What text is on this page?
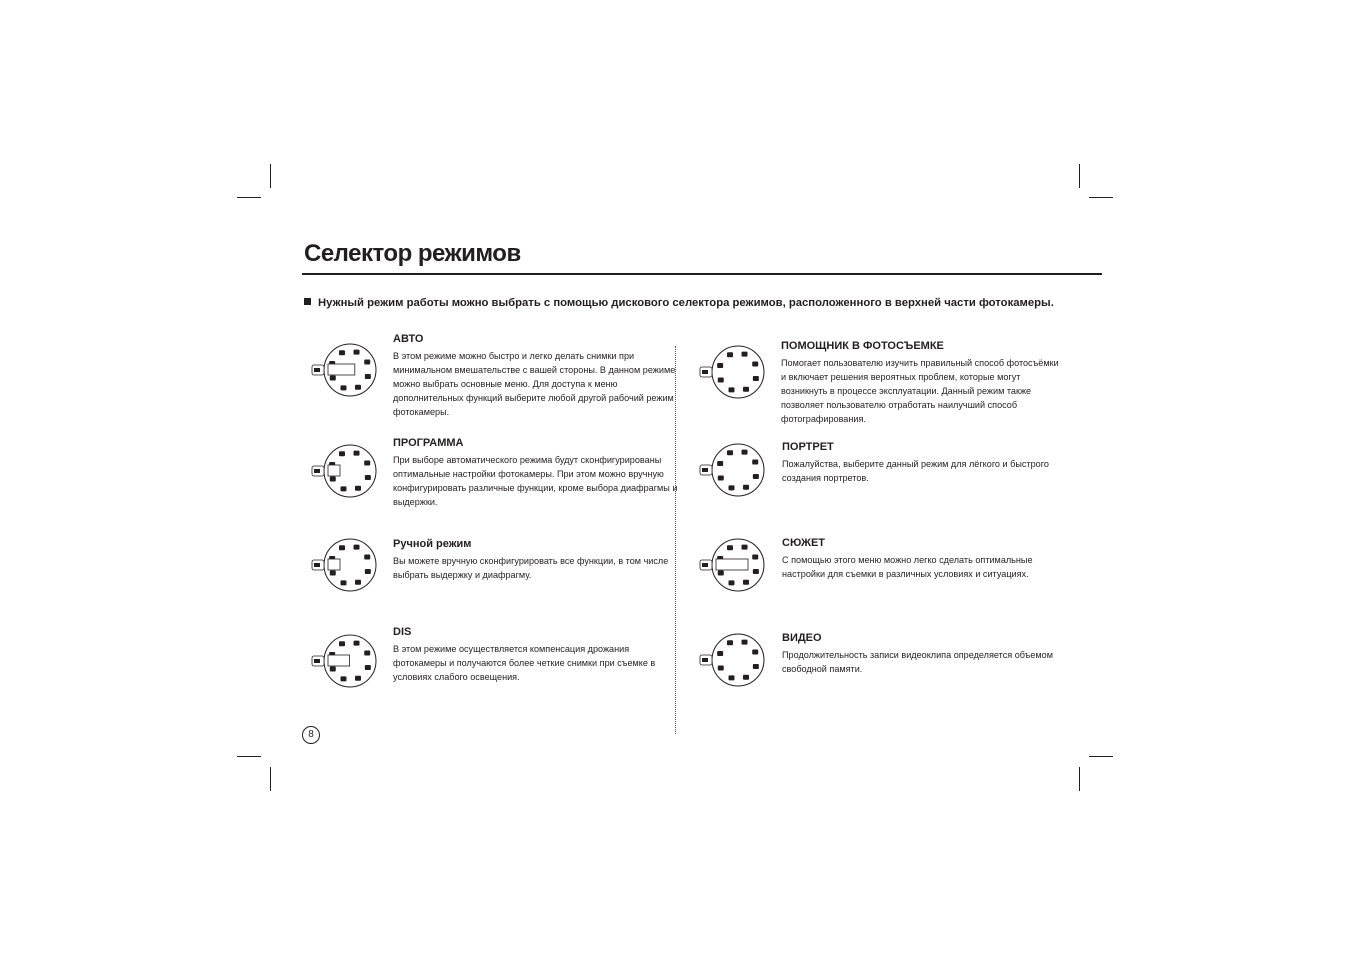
Селектор режимов
Нужный режим работы можно выбрать с помощью дискового селектора режимов, расположенного в верхней части фотокамеры.
АВТО

В этом режиме можно быстро и легко делать снимки при минимальном вмешательстве с вашей стороны. В данном режиме можно выбрать основные меню. Для доступа к меню дополнительных функций выберите любой другой рабочий режим фотокамеры.

ПРОГРАММА

При выборе автоматического режима будут сконфигурированы оптимальные настройки фотокамеры. При этом можно вручную конфигурировать различные функции, кроме выбора диафрагмы и выдержки.

Ручной режим

Вы можете вручную сконфигурировать все функции, в том числе выбрать выдержку и диафрагму.

DIS

В этом режиме осуществляется компенсация дрожания фотокамеры и получаются более четкие снимки при съемке в условиях слабого освещения.

ПОМОЩНИК В ФОТОСЪЕМКЕ

Помогает пользователю изучить правильный способ фотосъёмки и включает решения вероятных проблем, которые могут возникнуть в процессе эксплуатации. Данный режим также позволяет пользователю отработать наилучший способ фотографирования.

ПОРТРЕТ

Пожалуйства, выберите данный режим для лёгкого и быстрого создания портретов.

СЮЖЕТ

С помощью этого меню можно легко сделать оптимальные настройки для съемки в различных условиях и ситуациях.

ВИДЕО

Продолжительность записи видеоклипа определяется объемом свободной памяти.

8
